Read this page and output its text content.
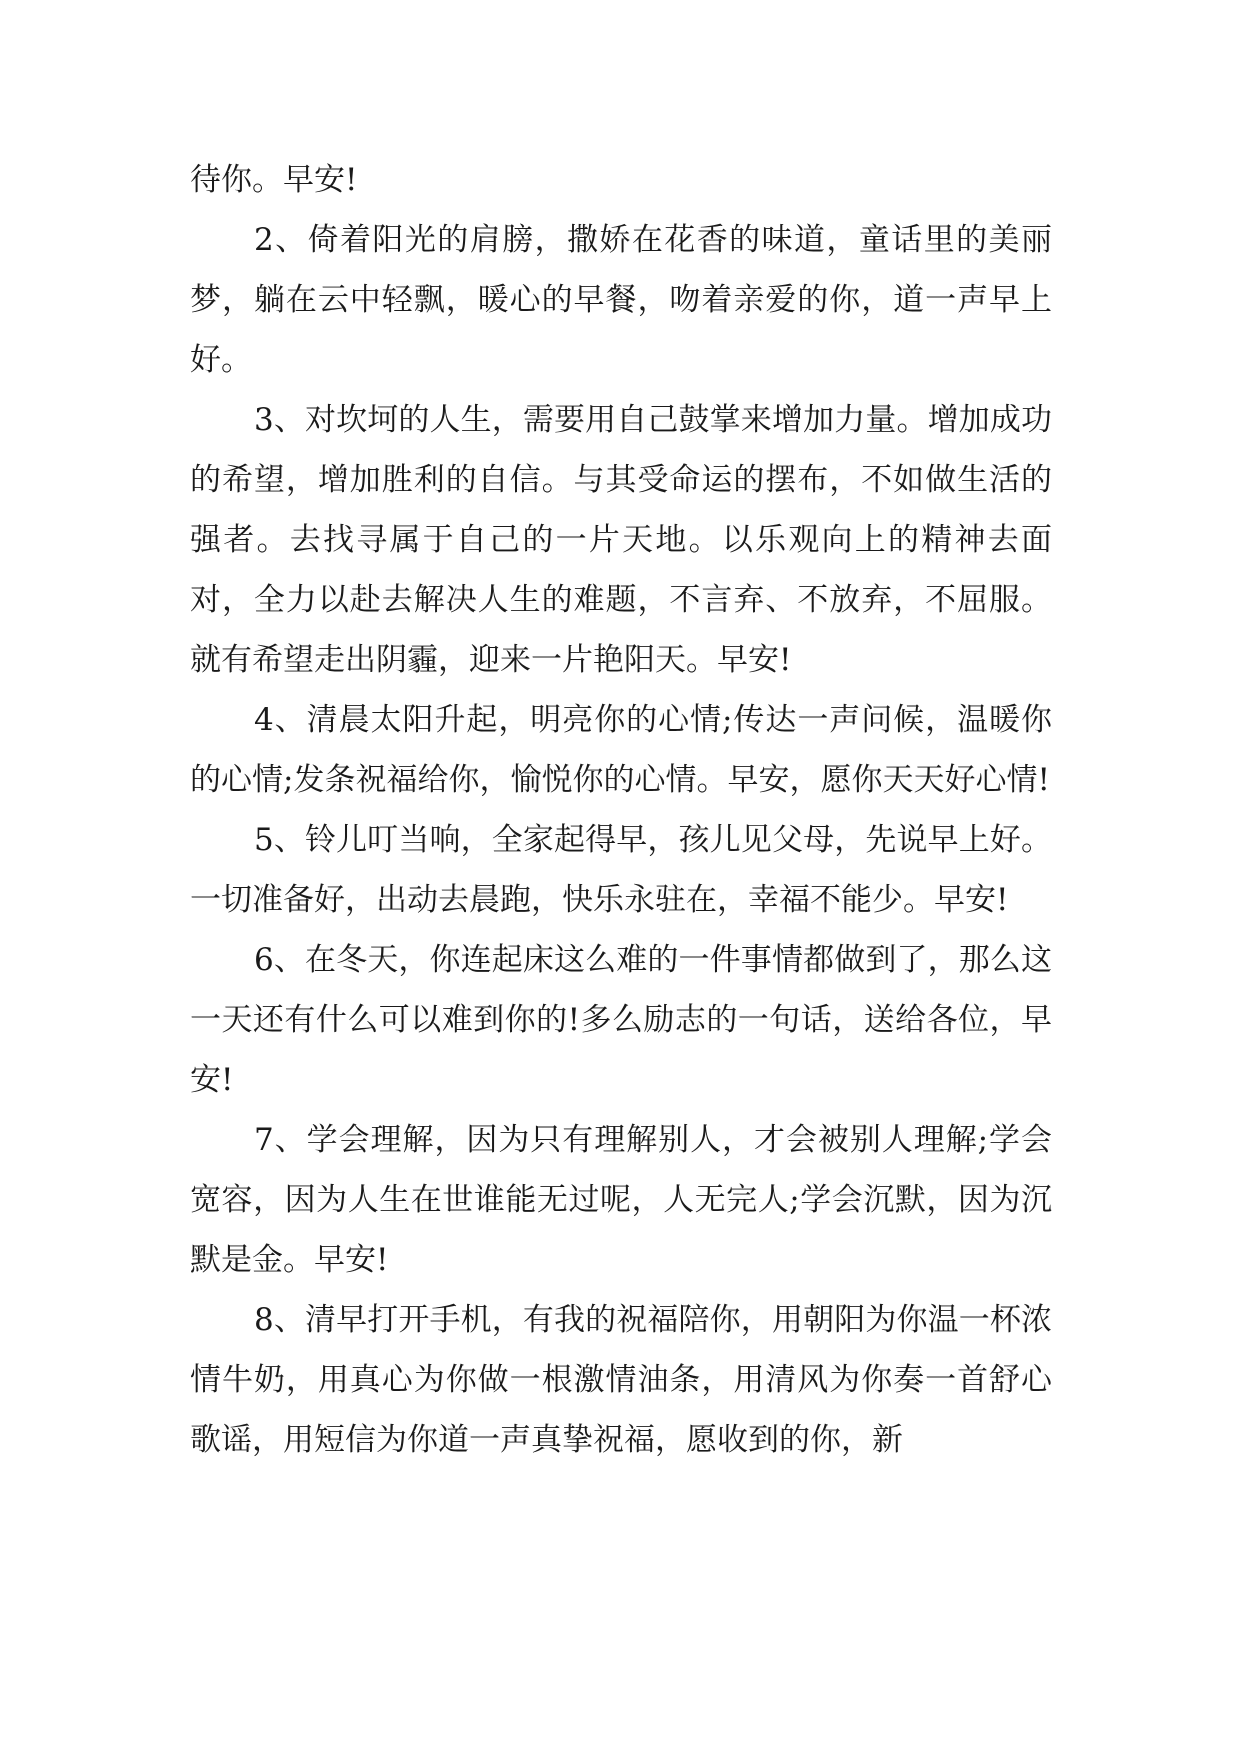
待你。早安!

2、倚着阳光的肩膀，撒娇在花香的味道，童话里的美丽梦，躺在云中轻飘，暖心的早餐，吻着亲爱的你，道一声早上好。

3、对坎坷的人生，需要用自己鼓掌来增加力量。增加成功的希望，增加胜利的自信。与其受命运的摆布，不如做生活的强者。去找寻属于自己的一片天地。以乐观向上的精神去面对，全力以赴去解决人生的难题，不言弃、不放弃，不屈服。就有希望走出阴霾，迎来一片艳阳天。早安!

4、清晨太阳升起，明亮你的心情;传达一声问候，温暖你的心情;发条祝福给你，愉悦你的心情。早安，愿你天天好心情!

5、铃儿叮当响，全家起得早，孩儿见父母，先说早上好。一切准备好，出动去晨跑，快乐永驻在，幸福不能少。早安!

6、在冬天，你连起床这么难的一件事情都做到了，那么这一天还有什么可以难到你的!多么励志的一句话，送给各位，早安!

7、学会理解，因为只有理解别人，才会被别人理解;学会宽容，因为人生在世谁能无过呢，人无完人;学会沉默，因为沉默是金。早安!

8、清早打开手机，有我的祝福陪你，用朝阳为你温一杯浓情牛奶，用真心为你做一根激情油条，用清风为你奏一首舒心歌谣，用短信为你道一声真挚祝福，愿收到的你，新
